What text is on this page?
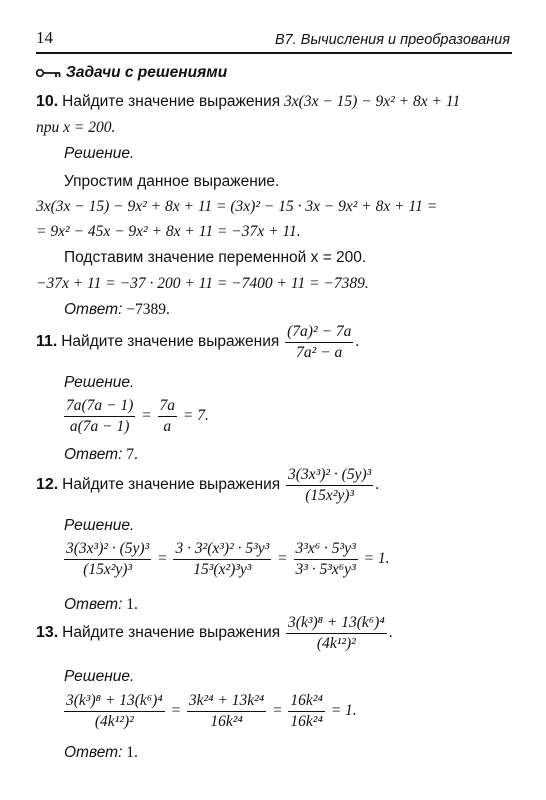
14	В7. Вычисления и преобразования
Задачи с решениями
10. Найдите значение выражения 3x(3x − 15) − 9x² + 8x + 11
при x = 200.
Решение.
Упростим данное выражение.
3x(3x − 15) − 9x² + 8x + 11 = (3x)² − 15 · 3x − 9x² + 8x + 11 =
= 9x² − 45x − 9x² + 8x + 11 = −37x + 11.
Подставим значение переменной x = 200.
−37x + 11 = −37 · 200 + 11 = −7400 + 11 = −7389.
Ответ: −7389.
11. Найдите значение выражения $\frac{\text{(7a)² − 7a}}{\text{7a² − a}}$ .
Решение.
$\frac{7a(7a - 1)}{a(7a - 1)} = \frac{7a}{a} = 7$.
Ответ: 7.
12. Найдите значение выражения $\frac{\text{3(3x³)² · (5y)³}}{\text{(15x²y)³}}$ .
Решение.
$\frac{\text{3(3x³)² · (5y)³}}{\text{(15x²y)³}} = \frac{\text{3 · 3²(x³)² · 5³y³}}{\text{15³(x²)³y³}} = \frac{\text{3³x⁶ · 5³y³}}{\text{3³ · 5³x⁶y³}} = 1$.
Ответ: 1.
13. Найдите значение выражения $\frac{\text{3(k³)⁸ + 13(k⁶)⁴}}{\text{(4k¹²)²}}$ .
Решение.
$\frac{\text{3(k³)⁸ + 13(k⁶)⁴}}{\text{(4k¹²)²}} = \frac{\text{3k²⁴ + 13k²⁴}}{\text{16k²⁴}} = \frac{\text{16k²⁴}}{\text{16k²⁴}} = 1$.
Ответ: 1.
